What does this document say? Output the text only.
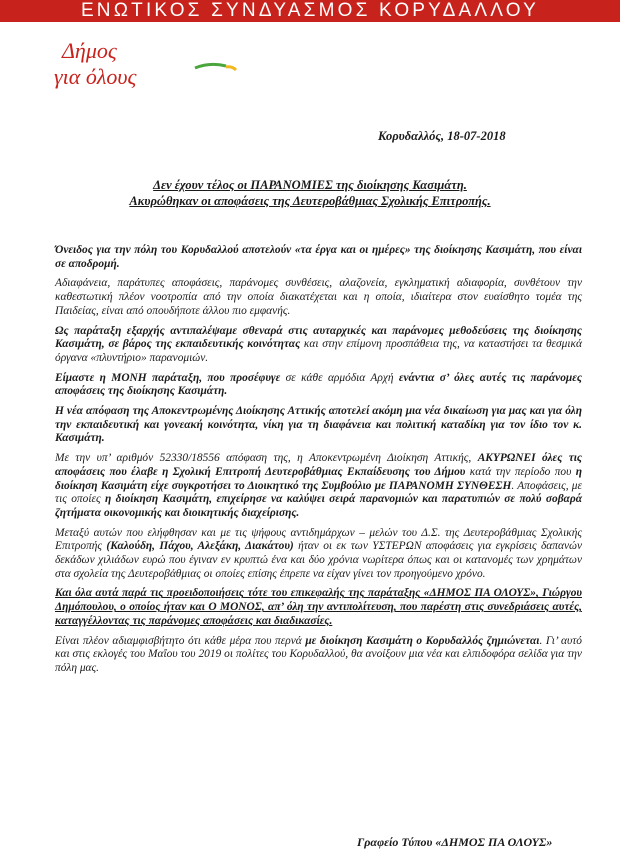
ΕΝΩΤΙΚΟΣ ΣΥΝΔΥΑΣΜΟΣ ΚΟΡΥΔΑΛΛΟΥ
Δήμος
για όλους
Κορυδαλλός, 18-07-2018
Δεν έχουν τέλος οι ΠΑΡΑΝΟΜΙΕΣ της διοίκησης Κασιμάτη.
Ακυρώθηκαν οι αποφάσεις της Δευτεροβάθμιας Σχολικής Επιτροπής.

Όνειδος για την πόλη του Κορυδαλλού αποτελούν «τα έργα και οι ημέρες» της διοίκησης Κασιμάτη, που είναι σε αποδρομή.

Αδιαφάνεια, παράτυπες αποφάσεις, παράνομες συνθέσεις, αλαζονεία, εγκληματική αδιαφορία, συνθέτουν την καθεστωτική πλέον νοοτροπία από την οποία διακατέχεται και η οποία, ιδιαίτερα στον ευαίσθητο τομέα της Παιδείας, είναι από οπουδήποτε άλλου πιο εμφανής.

Ως παράταξη εξαρχής αντιπαλέψαμε σθεναρά στις αυταρχικές και παράνομες μεθοδεύσεις της διοίκησης Κασιμάτη, σε βάρος της εκπαιδευτικής κοινότητας και στην επίμονη προσπάθεια της, να καταστήσει τα θεσμικά όργανα «πλυντήριο» παρανομιών.

Είμαστε η ΜΟΝΗ παράταξη, που προσέφυγε σε κάθε αρμόδια Αρχή ενάντια σ’ όλες αυτές τις παράνομες αποφάσεις της διοίκησης Κασιμάτη.

Η νέα απόφαση της Αποκεντρωμένης Διοίκησης Αττικής αποτελεί ακόμη μια νέα δικαίωση για μας και για όλη την εκπαιδευτική και γονεακή κοινότητα, νίκη για τη διαφάνεια και πολιτική καταδίκη για τον ίδιο τον κ. Κασιμάτη.

Με την υπ’ αριθμόν 52330/18556 απόφαση της, η Αποκεντρωμένη Διοίκηση Αττικής, ΑΚΥΡΩΝΕΙ όλες τις αποφάσεις που έλαβε η Σχολική Επιτροπή Δευτεροβάθμιας Εκπαίδευσης του Δήμου κατά την περίοδο που η διοίκηση Κασιμάτη είχε συγκροτήσει το Διοικητικό της Συμβούλιο με ΠΑΡΑΝΟΜΗ ΣΥΝΘΕΣΗ. Αποφάσεις, με τις οποίες η διοίκηση Κασιμάτη, επιχείρησε να καλύψει σειρά παρανομιών και παρατυπιών σε πολύ σοβαρά ζητήματα οικονομικής και διοικητικής διαχείρισης.

Μεταξύ αυτών που ελήφθησαν και με τις ψήφους αντιδημάρχων – μελών του Δ.Σ. της Δευτεροβάθμιας Σχολικής Επιτροπής (Καλούδη, Πάχου, Αλεξάκη, Διακάτου) ήταν οι εκ των ΥΣΤΕΡΩΝ αποφάσεις για εγκρίσεις δαπανών δεκάδων χιλιάδων ευρώ που έγιναν εν κρυπτώ ένα και δύο χρόνια νωρίτερα όπως και οι κατανομές των χρημάτων στα σχολεία της Δευτεροβάθμιας οι οποίες επίσης έπρεπε να είχαν γίνει τον προηγούμενο χρόνο.

Και όλα αυτά παρά τις προειδοποιήσεις τότε του επικεφαλής της παράταξης «ΔΗΜΟΣ ΠΑ ΟΛΟΥΣ», Γιώργου Δημόπουλου, ο οποίος ήταν και Ο ΜΟΝΟΣ, απ’ όλη την αντιπολίτευση, που παρέστη στις συνεδριάσεις αυτές, καταγγέλλοντας τις παράνομες αποφάσεις και διαδικασίες.

Είναι πλέον αδιαμφισβήτητο ότι κάθε μέρα που περνά με διοίκηση Κασιμάτη ο Κορυδαλλός ζημιώνεται. Γι’ αυτό και στις εκλογές του Μαΐου του 2019 οι πολίτες του Κορυδαλλού, θα ανοίξουν μια νέα και ελπιδοφόρα σελίδα για την πόλη μας.

Γραφείο Τύπου «ΔΗΜΟΣ ΠΑ ΟΛΟΥΣ»
